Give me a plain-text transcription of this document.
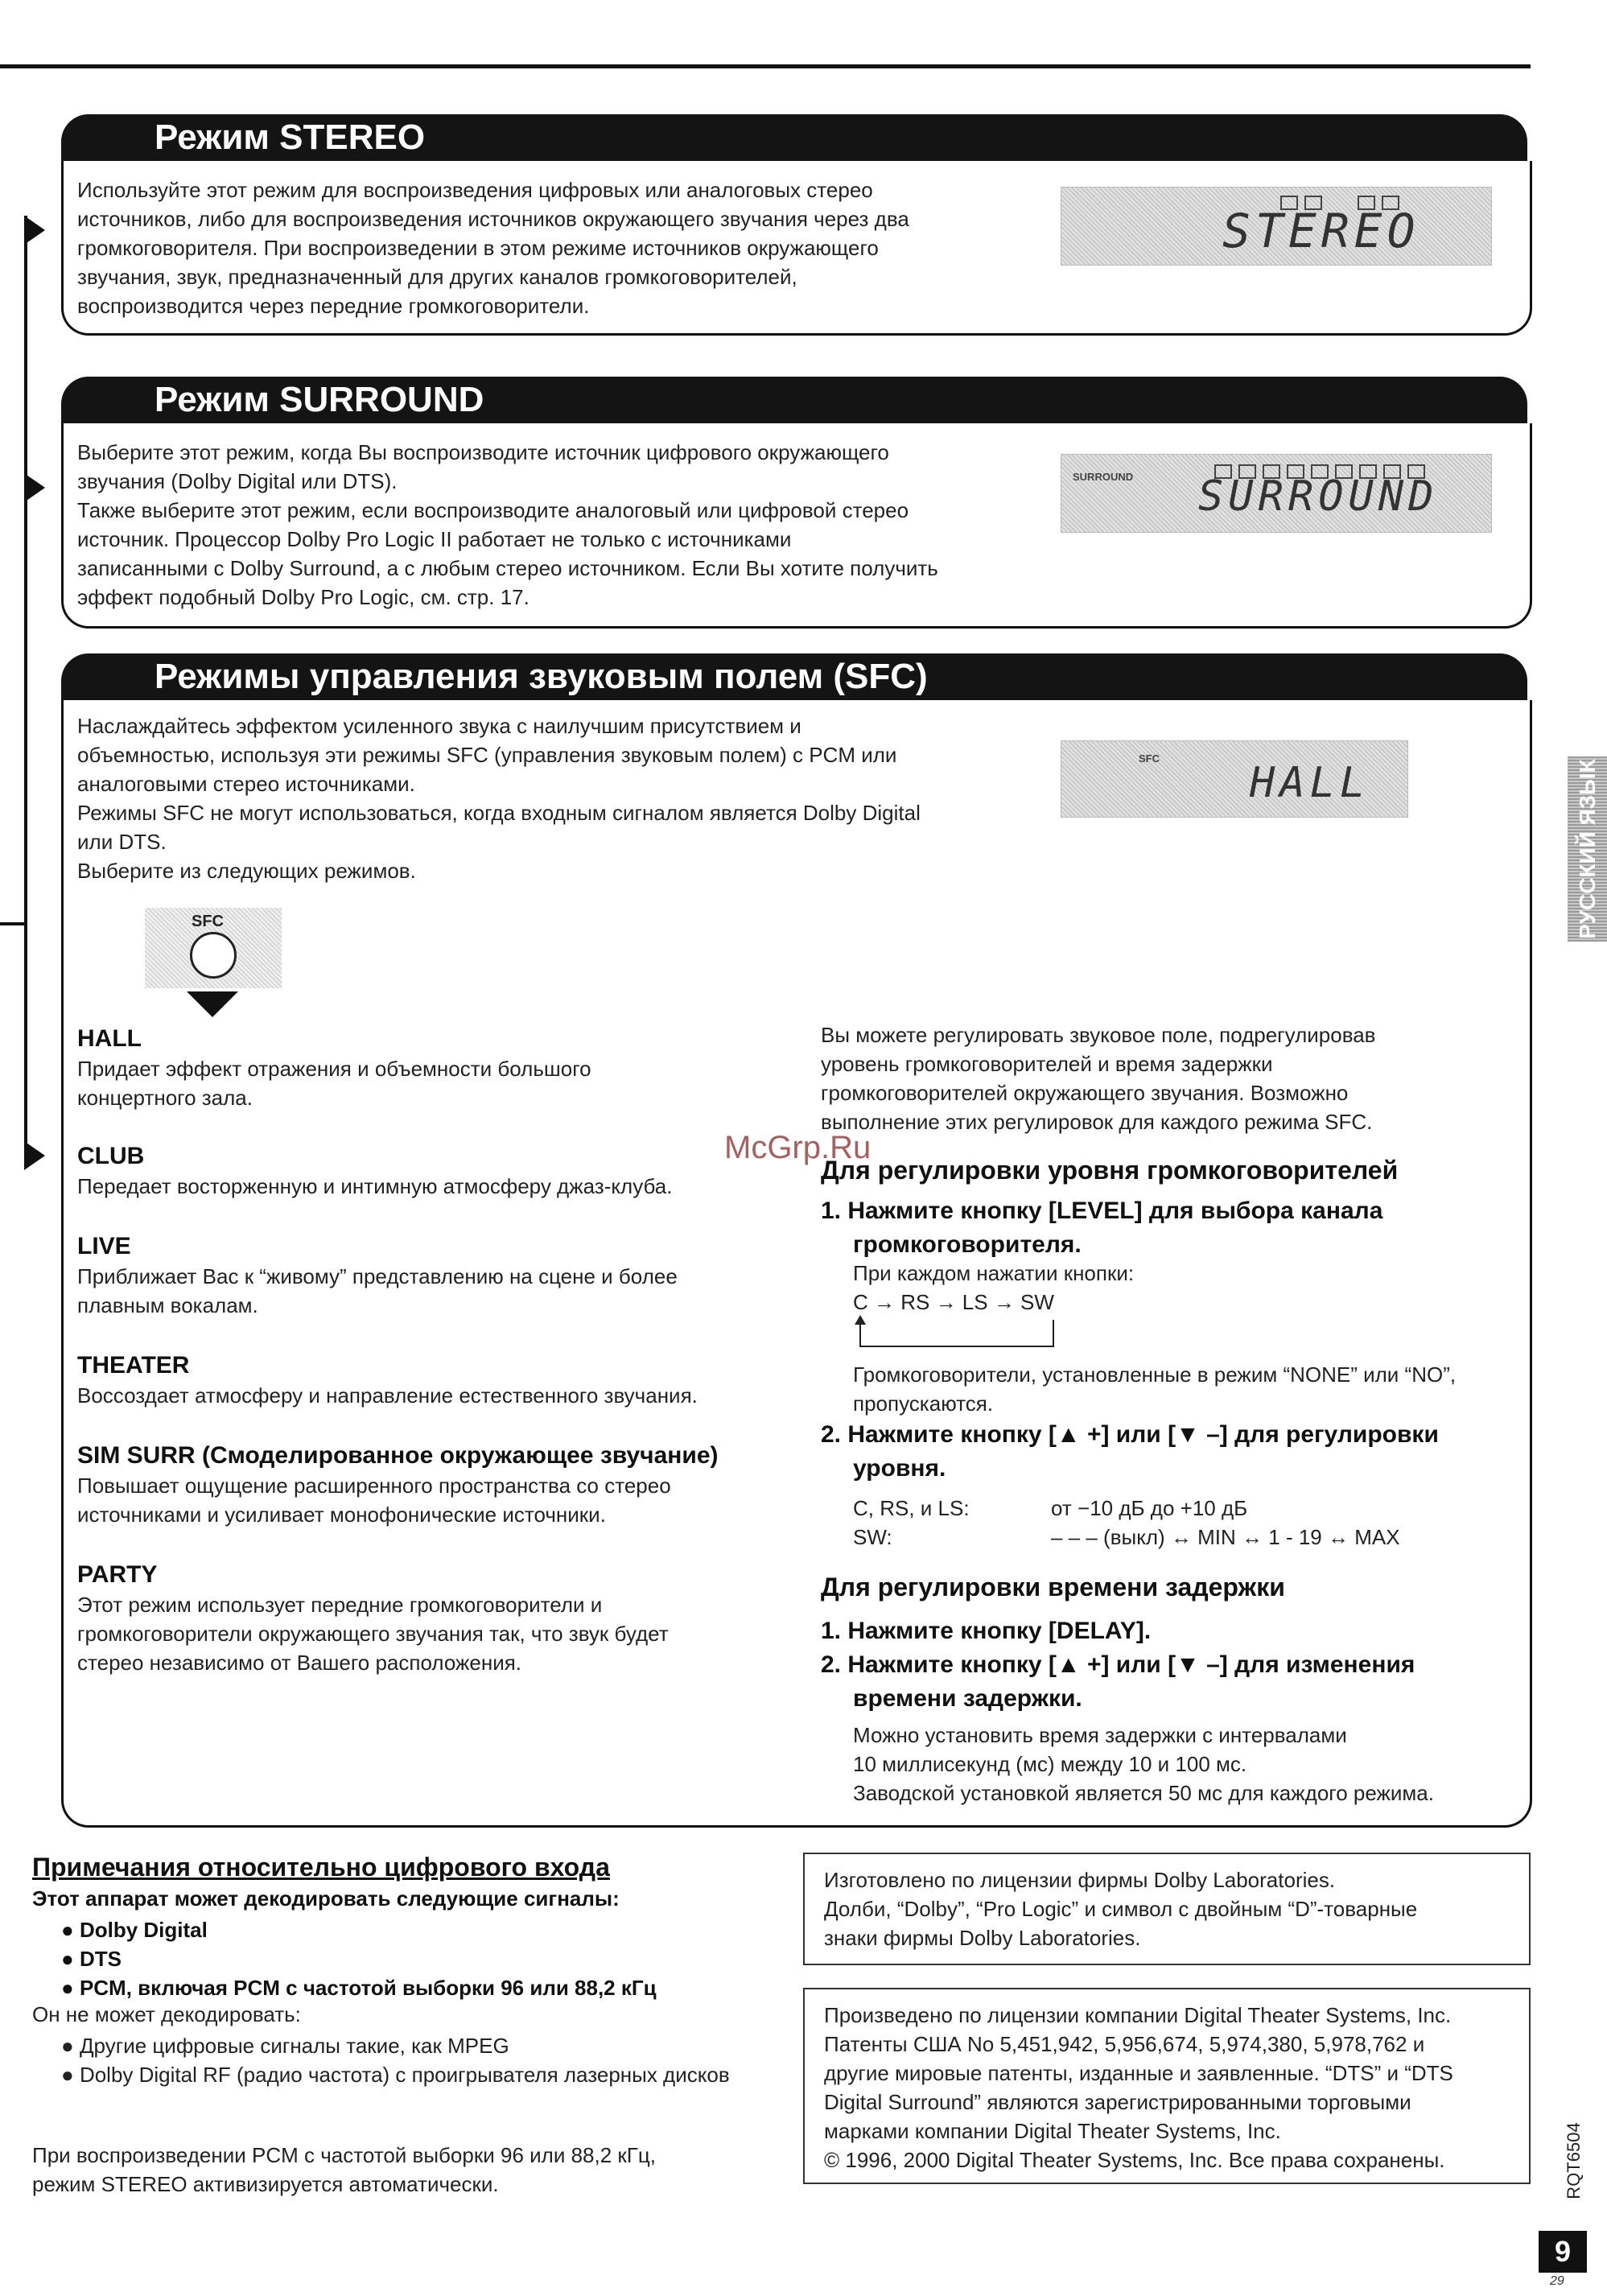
Режим STEREO

Используйте этот режим для воспроизведения цифровых или аналоговых стерео

источников, либо для воспроизведения источников окружающего звучания через два

громкоговорителя. При воспроизведении в этом режиме источников окружающего

звучания, звук, предназначенный для других каналов громкоговорителей,

воспроизводится через передние громкоговорители.

STEREO
Режим SURROUND

Выберите этот режим, когда Вы воспроизводите источник цифрового окружающего

звучания (Dolby Digital или DTS).

Также выберите этот режим, если воспроизводите аналоговый или цифровой стерео

источник. Процессор Dolby Pro Logic II работает не только с источниками

записанными с Dolby Surround, а с любым стерео источником. Если Вы хотите получить

эффект подобный Dolby Pro Logic, см. стр. 17.

SURROUND SURROUND
Режимы управления звуковым полем (SFC)

Наслаждайтесь эффектом усиленного звука с наилучшим присутствием и

объемностью, используя эти режимы SFC (управления звуковым полем) с PCM или

аналоговыми стерео источниками.

Режимы SFC не могут использоваться, когда входным сигналом является Dolby Digital

или DTS.

Выберите из следующих режимов.

SFC
HALL
SFC
HALL
Придает эффект отражения и объемности большого
концертного зала.
CLUB
Передает восторженную и интимную атмосферу джаз-клуба.
LIVE
Приближает Вас к “живому” представлению на сцене и более
плавным вокалам.
THEATER
Воссоздает атмосферу и направление естественного звучания.
SIM SURR (Смоделированное окружающее звучание)
Повышает ощущение расширенного пространства со стерео
источниками и усиливает монофонические источники.
PARTY
Этот режим использует передние громкоговорители и
громкоговорители окружающего звучания так, что звук будет
стерео независимо от Вашего расположения.
Вы можете регулировать звуковое поле, подрегулировав
уровень громкоговорителей и время задержки
громкоговорителей окружающего звучания. Возможно
выполнение этих регулировок для каждого режима SFC.
McGrp.Ru
Для регулировки уровня громкоговорителей
1. Нажмите кнопку [LEVEL] для выбора канала
громкоговорителя.
При каждом нажатии кнопки:
C → RS → LS → SW
Громкоговорители, установленные в режим “NONE” или “NO”,
пропускаются.
2. Нажмите кнопку [▲ +] или [▼ –] для регулировки
уровня.
C, RS, и LS:	от −10 дБ до +10 дБ
SW:	– – – (выкл) ↔ MIN ↔ 1 - 19 ↔ MAX
Для регулировки времени задержки
1. Нажмите кнопку [DELAY].
2. Нажмите кнопку [▲ +] или [▼ –] для изменения
времени задержки.
Можно установить время задержки с интервалами
10 миллисекунд (мс) между 10 и 100 мс.
Заводской установкой является 50 мс для каждого режима.
Примечания относительно цифрового входа
Этот аппарат может декодировать следующие сигналы:
● Dolby Digital
● DTS
● PCM, включая PCM с частотой выборки 96 или 88,2 кГц
Он не может декодировать:
● Другие цифровые сигналы такие, как MPEG
● Dolby Digital RF (радио частота) с проигрывателя лазерных дисков
При воспроизведении PCM с частотой выборки 96 или 88,2 кГц,
режим STEREO активизируется автоматически.
Изготовлено по лицензии фирмы Dolby Laboratories.
Долби, “Dolby”, “Pro Logic” и символ с двойным “D”-товарные
знаки фирмы Dolby Laboratories.
Произведено по лицензии компании Digital Theater Systems, Inc.
Патенты США No 5,451,942, 5,956,674, 5,974,380, 5,978,762 и
другие мировые патенты, изданные и заявленные. “DTS” и “DTS
Digital Surround” являются зарегистрированными торговыми
марками компании Digital Theater Systems, Inc.
© 1996, 2000 Digital Theater Systems, Inc. Все права сохранены.
РУССКИЙ ЯЗЫК
RQT6504
9
29
